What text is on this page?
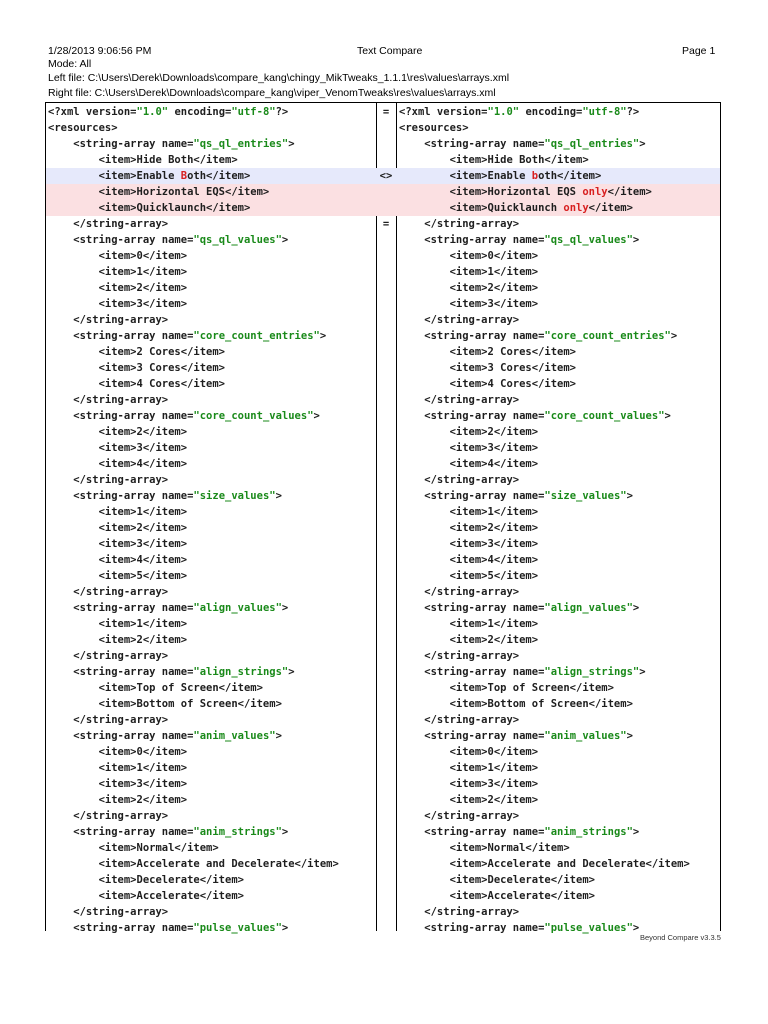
1/28/2013 9:06:56 PM	Text Compare	Page 1
Mode: All
Left file: C:\Users\Derek\Downloads\compare_kang\chingy_MikTweaks_1.1.1\res\values\arrays.xml
Right file: C:\Users\Derek\Downloads\compare_kang\viper_VenomTweaks\res\values\arrays.xml
<?xml version="1.0" encoding="utf-8"?>	= <?xml version="1.0" encoding="utf-8"?>
<resources>	<resources>
<string-array name="qs_ql_entries">	<string-array name="qs_ql_entries">
<item>Hide Both</item>	<item>Hide Both</item>
<item>Enable Both</item>	<> <item>Enable both</item>
<item>Horizontal EQS</item>	<item>Horizontal EQS only</item>
<item>Quicklaunch</item>	<item>Quicklaunch only</item>
</string-array>	= </string-array>
<string-array name="qs_ql_values">	<string-array name="qs_ql_values">
<item>0</item>	<item>0</item>
<item>1</item>	<item>1</item>
<item>2</item>	<item>2</item>
<item>3</item>	<item>3</item>
</string-array>	</string-array>
<string-array name="core_count_entries">	<string-array name="core_count_entries">
<item>2 Cores</item>	<item>2 Cores</item>
<item>3 Cores</item>	<item>3 Cores</item>
<item>4 Cores</item>	<item>4 Cores</item>
</string-array>	</string-array>
<string-array name="core_count_values">	<string-array name="core_count_values">
<item>2</item>	<item>2</item>
<item>3</item>	<item>3</item>
<item>4</item>	<item>4</item>
</string-array>	</string-array>
<string-array name="size_values">	<string-array name="size_values">
<item>1</item>	<item>1</item>
<item>2</item>	<item>2</item>
<item>3</item>	<item>3</item>
<item>4</item>	<item>4</item>
<item>5</item>	<item>5</item>
</string-array>	</string-array>
<string-array name="align_values">	<string-array name="align_values">
<item>1</item>	<item>1</item>
<item>2</item>	<item>2</item>
</string-array>	</string-array>
<string-array name="align_strings">	<string-array name="align_strings">
<item>Top of Screen</item>	<item>Top of Screen</item>
<item>Bottom of Screen</item>	<item>Bottom of Screen</item>
</string-array>	</string-array>
<string-array name="anim_values">	<string-array name="anim_values">
<item>0</item>	<item>0</item>
<item>1</item>	<item>1</item>
<item>3</item>	<item>3</item>
<item>2</item>	<item>2</item>
</string-array>	</string-array>
<string-array name="anim_strings">	<string-array name="anim_strings">
<item>Normal</item>	<item>Normal</item>
<item>Accelerate and Decelerate</item>	<item>Accelerate and Decelerate</item>
<item>Decelerate</item>	<item>Decelerate</item>
<item>Accelerate</item>	<item>Accelerate</item>
</string-array>	</string-array>
<string-array name="pulse_values">	<string-array name="pulse_values">
Beyond Compare v3.3.5
